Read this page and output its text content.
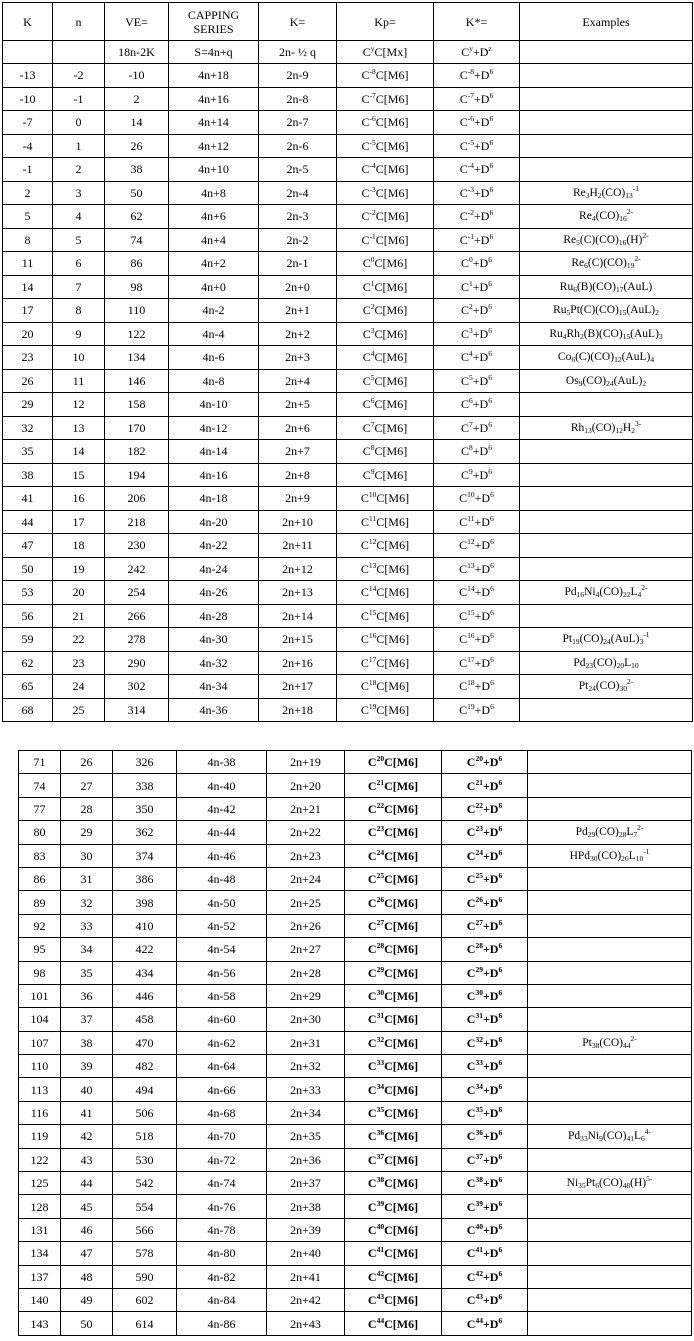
K	n	VE=	CAPPING SERIES	K=	Kp=	K*=	Examples
		18n-2K	S=4n+q	2n- ½ q	$C^yC[Mx]$	$C^y+D^z$	
-13	-2	-10	4n+18	2n-9	$C^{-8}C[M6]$	$C^{-8}+D^6$	
-10	-1	2	4n+16	2n-8	$C^{-7}C[M6]$	$C^{-7}+D^6$	
-7	0	14	4n+14	2n-7	$C^{-6}C[M6]$	$C^{-6}+D^6$	
-4	1	26	4n+12	2n-6	$C^{-5}C[M6]$	$C^{-5}+D^6$	
-1	2	38	4n+10	2n-5	$C^{-4}C[M6]$	$C^{-4}+D^6$	
2	3	50	4n+8	2n-4	$C^{-3}C[M6]$	$C^{-3}+D^6$	$Re_3H_2(CO)_{13}^{-1}$
5	4	62	4n+6	2n-3	$C^{-2}C[M6]$	$C^{-2}+D^6$	$Re_4(CO)_{16}^{2-}$
8	5	74	4n+4	2n-2	$C^{-1}C[M6]$	$C^{-1}+D^6$	$Re_5(C)(CO)_{16}(H)^{2-}$
11	6	86	4n+2	2n-1	$C^0C[M6]$	$C^0+D^6$	$Re_6(C)(CO)_{19}^{2-}$
14	7	98	4n+0	2n+0	$C^1C[M6]$	$C^1+D^6$	$Ru_6(B)(CO)_{17}(AuL)$
17	8	110	4n-2	2n+1	$C^2C[M6]$	$C^2+D^6$	$Ru_5Pt(C)(CO)_{15}(AuL)_2$
20	9	122	4n-4	2n+2	$C^3C[M6]$	$C^3+D^6$	$Ru_4Rh_2(B)(CO)_{15}(AuL)_3$
23	10	134	4n-6	2n+3	$C^4C[M6]$	$C^4+D^6$	$Co_6(C)(CO)_{12}(AuL)_4$
26	11	146	4n-8	2n+4	$C^5C[M6]$	$C^5+D^6$	$Os_9(CO)_{24}(AuL)_2$
29	12	158	4n-10	2n+5	$C^6C[M6]$	$C^6+D^6$	
32	13	170	4n-12	2n+6	$C^7C[M6]$	$C^7+D^6$	$Rh_{13}(CO)_{12}H_2^{3-}$
35	14	182	4n-14	2n+7	$C^8C[M6]$	$C^8+D^6$	
38	15	194	4n-16	2n+8	$C^9C[M6]$	$C^9+D^6$	
41	16	206	4n-18	2n+9	$C^{10}C[M6]$	$C^{10}+D^6$	
44	17	218	4n-20	2n+10	$C^{11}C[M6]$	$C^{11}+D^6$	
47	18	230	4n-22	2n+11	$C^{12}C[M6]$	$C^{12}+D^6$	
50	19	242	4n-24	2n+12	$C^{13}C[M6]$	$C^{13}+D^6$	
53	20	254	4n-26	2n+13	$C^{14}C[M6]$	$C^{14}+D^6$	$Pd_{16}Ni_4(CO)_{22}L_4^{2-}$
56	21	266	4n-28	2n+14	$C^{15}C[M6]$	$C^{15}+D^6$	
59	22	278	4n-30	2n+15	$C^{16}C[M6]$	$C^{16}+D^6$	$Pt_{19}(CO)_{24}(AuL)_3^{-1}$
62	23	290	4n-32	2n+16	$C^{17}C[M6]$	$C^{17}+D^6$	$Pd_{23}(CO)_{20}L_{10}$
65	24	302	4n-34	2n+17	$C^{18}C[M6]$	$C^{18}+D^6$	$Pt_{24}(CO)_{30}^{2-}$
68	25	314	4n-36	2n+18	$C^{19}C[M6]$	$C^{19}+D^6$	
71	26	326	4n-38	2n+19	$C^{20}C[M6]$	$C^{20}+D^6$	
74	27	338	4n-40	2n+20	$C^{21}C[M6]$	$C^{21}+D^6$	
77	28	350	4n-42	2n+21	$C^{22}C[M6]$	$C^{22}+D^6$	
80	29	362	4n-44	2n+22	$C^{23}C[M6]$	$C^{23}+D^6$	$Pd_{29}(CO)_{28}L_7^{2-}$
83	30	374	4n-46	2n+23	$C^{24}C[M6]$	$C^{24}+D^6$	$HPd_{30}(CO)_{26}L_{10}^{-1}$
86	31	386	4n-48	2n+24	$C^{25}C[M6]$	$C^{25}+D^6$	
89	32	398	4n-50	2n+25	$C^{26}C[M6]$	$C^{26}+D^6$	
92	33	410	4n-52	2n+26	$C^{27}C[M6]$	$C^{27}+D^6$	
95	34	422	4n-54	2n+27	$C^{28}C[M6]$	$C^{28}+D^6$	
98	35	434	4n-56	2n+28	$C^{29}C[M6]$	$C^{29}+D^6$	
101	36	446	4n-58	2n+29	$C^{30}C[M6]$	$C^{30}+D^6$	
104	37	458	4n-60	2n+30	$C^{31}C[M6]$	$C^{31}+D^6$	
107	38	470	4n-62	2n+31	$C^{32}C[M6]$	$C^{32}+D^6$	$Pt_{38}(CO)_{44}^{2-}$
110	39	482	4n-64	2n+32	$C^{33}C[M6]$	$C^{33}+D^6$	
113	40	494	4n-66	2n+33	$C^{34}C[M6]$	$C^{34}+D^6$	
116	41	506	4n-68	2n+34	$C^{35}C[M6]$	$C^{35}+D^6$	
119	42	518	4n-70	2n+35	$C^{36}C[M6]$	$C^{36}+D^6$	$Pd_{33}Ni_9(CO)_{41}L_6^{4-}$
122	43	530	4n-72	2n+36	$C^{37}C[M6]$	$C^{37}+D^6$	
125	44	542	4n-74	2n+37	$C^{38}C[M6]$	$C^{38}+D^6$	$Ni_{35}Pt_6(CO)_{48}(H)^{5-}$
128	45	554	4n-76	2n+38	$C^{39}C[M6]$	$C^{39}+D^6$	
131	46	566	4n-78	2n+39	$C^{40}C[M6]$	$C^{40}+D^6$	
134	47	578	4n-80	2n+40	$C^{41}C[M6]$	$C^{41}+D^6$	
137	48	590	4n-82	2n+41	$C^{42}C[M6]$	$C^{42}+D^6$	
140	49	602	4n-84	2n+42	$C^{43}C[M6]$	$C^{43}+D^6$	
143	50	614	4n-86	2n+43	$C^{44}C[M6]$	$C^{44}+D^6$	
